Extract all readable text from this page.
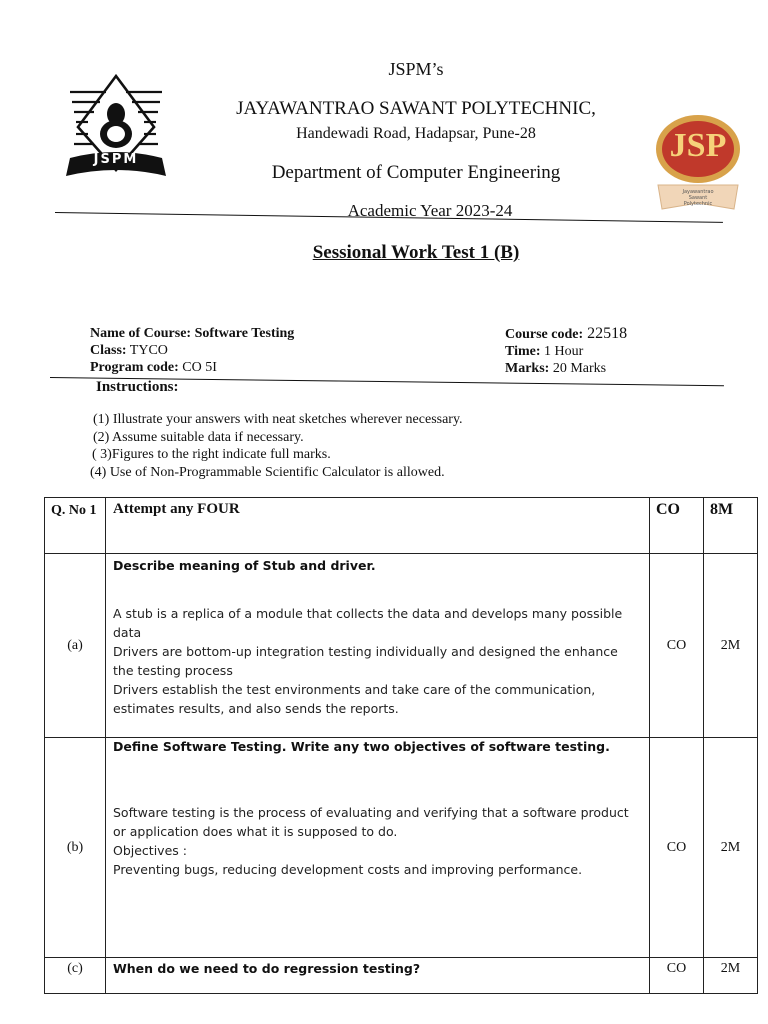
JSPM	JSP
Jayawantrao Sawant Polytechnic
JSPM’s
JAYAWANTRAO SAWANT POLYTECHNIC,
Handewadi Road, Hadapsar, Pune-28
Department of Computer Engineering
Academic Year 2023-24
Sessional Work Test 1 (B)
Name of Course: Software Testing
Class: TYCO
Program code: CO 5I
Course code: 22518
Time: 1 Hour
Marks: 20 Marks
Instructions:
(1) Illustrate your answers with neat sketches wherever necessary.
(2) Assume suitable data if necessary.
( 3)Figures to the right indicate full marks.
(4) Use of Non-Programmable Scientific Calculator is allowed.
Q. No 1	Attempt any FOUR	CO	8M
(a)	Describe meaning of Stub and driver.
A stub is a replica of a module that collects the data and develops many possible data
Drivers are bottom-up integration testing individually and designed the enhance the testing process
Drivers establish the test environments and take care of the communication, estimates results, and also sends the reports.	CO	2M
(b)	Define Software Testing. Write any two objectives of software testing.
Software testing is the process of evaluating and verifying that a software product or application does what it is supposed to do.
Objectives :
Preventing bugs, reducing development costs and improving performance.	CO	2M
(c)	When do we need to do regression testing?	CO	2M
